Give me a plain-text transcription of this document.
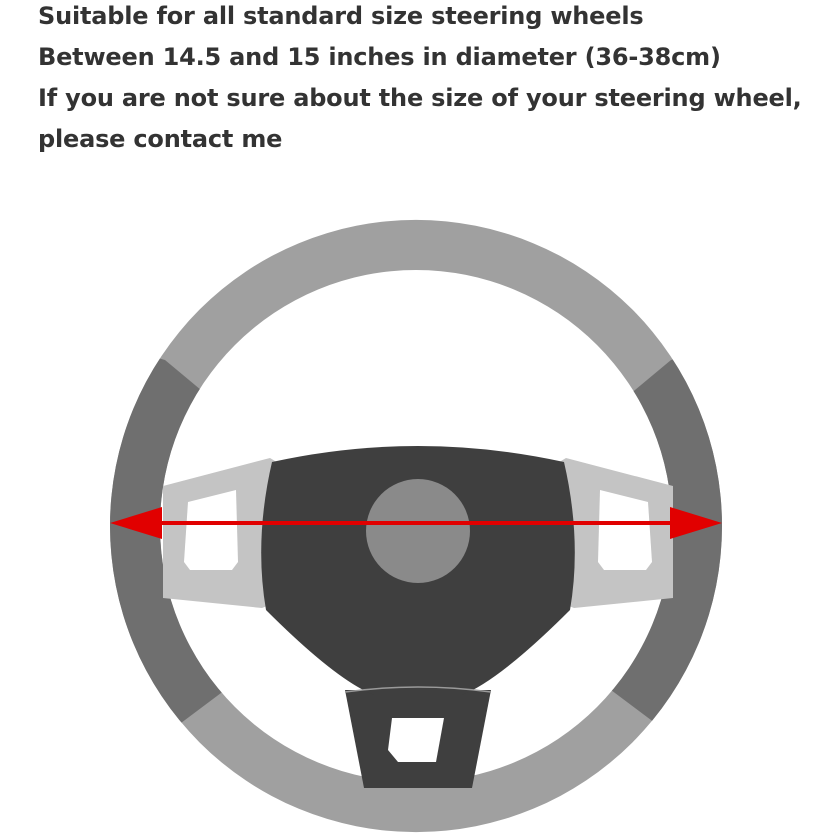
Suitable for all standard size steering wheels
Between 14.5 and 15 inches in diameter (36-38cm)
If you are not sure about the size of your steering wheel,
please contact me
